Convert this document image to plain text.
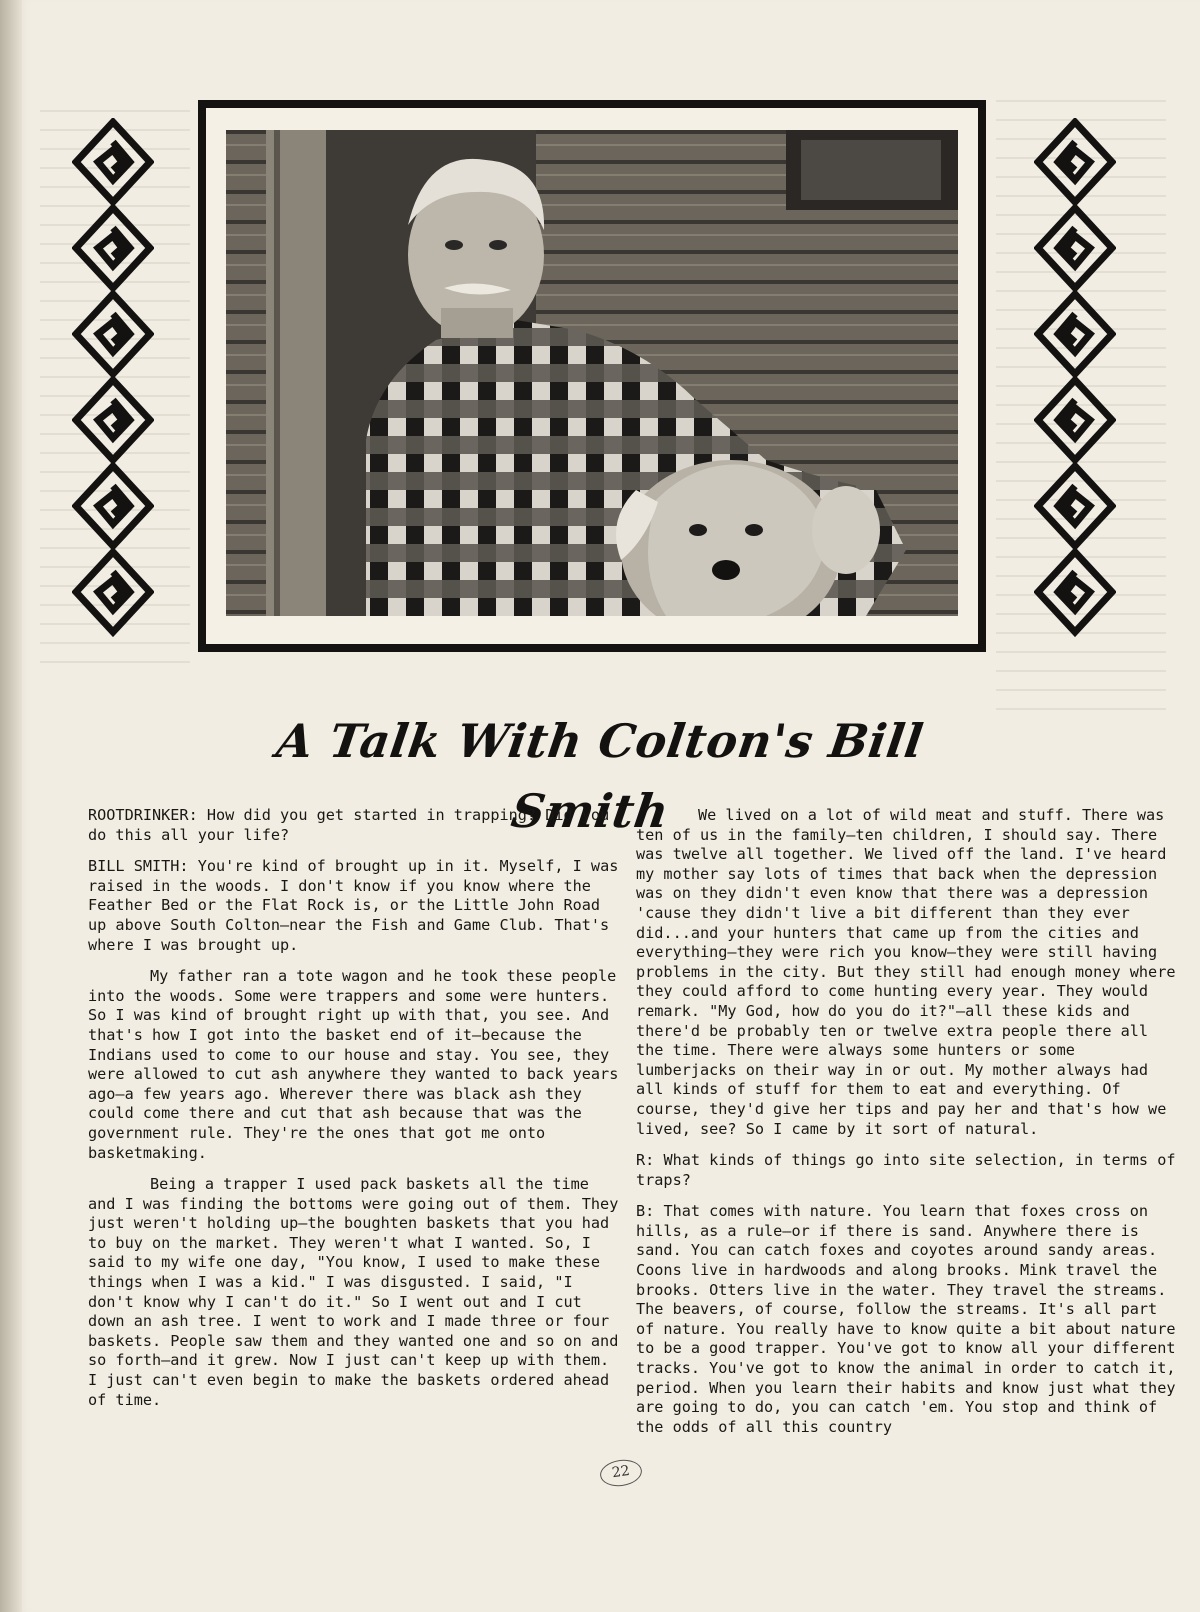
A Talk With Colton's Bill Smith

ROOTDRINKER: How did you get started in trapping? Did you do this all your life?

BILL SMITH: You're kind of brought up in it. Myself, I was raised in the woods. I don't know if you know where the Feather Bed or the Flat Rock is, or the Little John Road up above South Colton—near the Fish and Game Club. That's where I was brought up.

My father ran a tote wagon and he took these people into the woods. Some were trappers and some were hunters. So I was kind of brought right up with that, you see. And that's how I got into the basket end of it—because the Indians used to come to our house and stay. You see, they were allowed to cut ash anywhere they wanted to back years ago—a few years ago. Wherever there was black ash they could come there and cut that ash because that was the government rule. They're the ones that got me onto basketmaking.

Being a trapper I used pack baskets all the time and I was finding the bottoms were going out of them. They just weren't holding up—the boughten baskets that you had to buy on the market. They weren't what I wanted. So, I said to my wife one day, "You know, I used to make these things when I was a kid." I was disgusted. I said, "I don't know why I can't do it." So I went out and I cut down an ash tree. I went to work and I made three or four baskets. People saw them and they wanted one and so on and so forth—and it grew. Now I just can't keep up with them. I just can't even begin to make the baskets ordered ahead of time.

We lived on a lot of wild meat and stuff. There was ten of us in the family—ten children, I should say. There was twelve all together. We lived off the land. I've heard my mother say lots of times that back when the depression was on they didn't even know that there was a depression 'cause they didn't live a bit different than they ever did...and your hunters that came up from the cities and everything—they were rich you know—they were still having problems in the city. But they still had enough money where they could afford to come hunting every year. They would remark. "My God, how do you do it?"—all these kids and there'd be probably ten or twelve extra people there all the time. There were always some hunters or some lumberjacks on their way in or out. My mother always had all kinds of stuff for them to eat and everything. Of course, they'd give her tips and pay her and that's how we lived, see? So I came by it sort of natural.

R: What kinds of things go into site selection, in terms of traps?

B: That comes with nature. You learn that foxes cross on hills, as a rule—or if there is sand. Anywhere there is sand. You can catch foxes and coyotes around sandy areas. Coons live in hardwoods and along brooks. Mink travel the brooks. Otters live in the water. They travel the streams. The beavers, of course, follow the streams. It's all part of nature. You really have to know quite a bit about nature to be a good trapper. You've got to know all your different tracks. You've got to know the animal in order to catch it, period. When you learn their habits and know just what they are going to do, you can catch 'em. You stop and think of the odds of all this country

22
